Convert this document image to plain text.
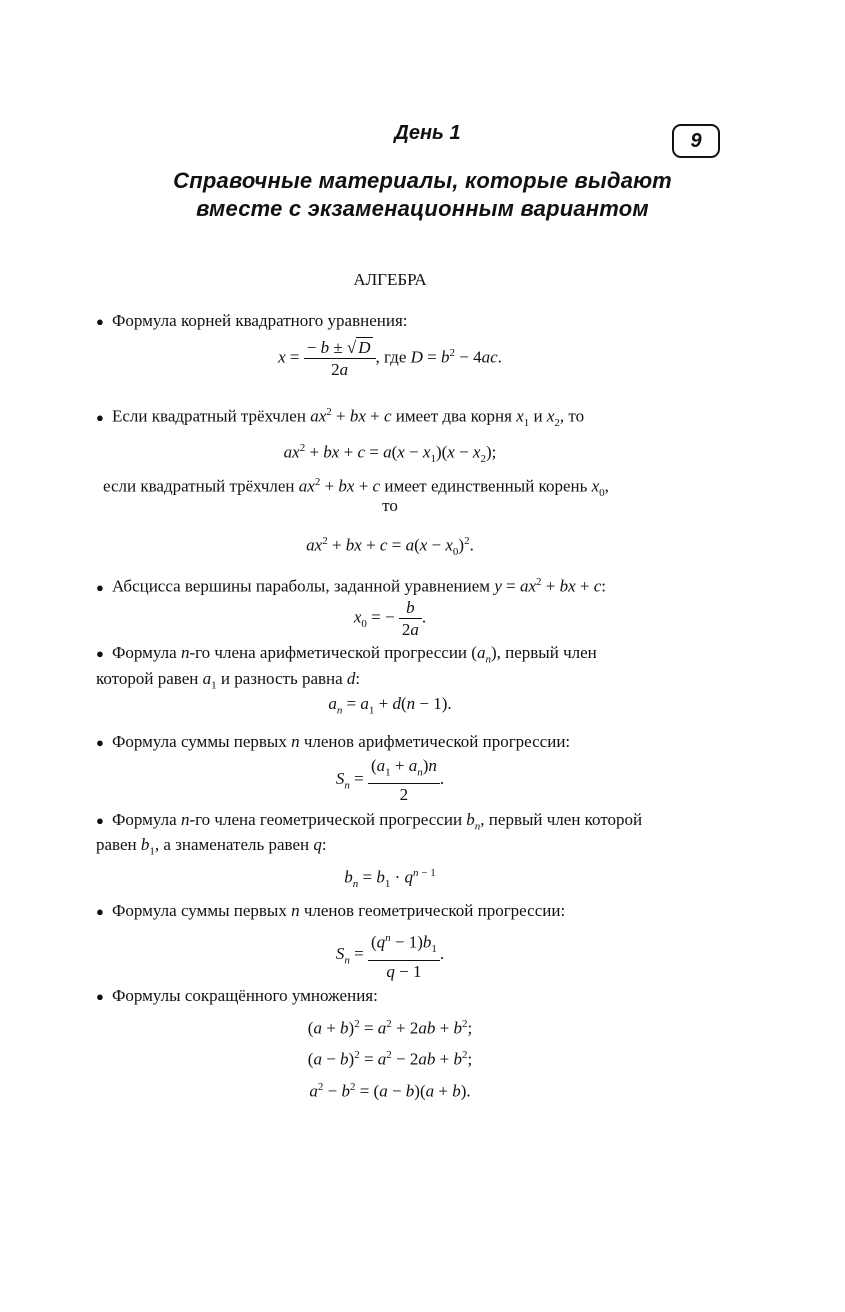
День 1	9
Справочные материалы, которые выдают
вместе с экзаменационным вариантом
АЛГЕБРА
● Формула корней квадратного уравнения:
$x = \frac{- b \pm √ D}{2a}$ , где $D = b^2 - 4ac$.
● Если квадратный трёхчлен $ax^2$ + bx + c имеет два корня $x_1$ и $x_2$, то
$ax^2$ + bx + $c = a(x - x_1)(x - x_2)$;
если квадратный трёхчлен $ax^2$ + bx + c имеет единственный корень $x_0$,
то
$ax^2$ + bx + $c = a(x - x_0)^2$.
● Абсцисса вершины параболы, заданной уравнением $y = ax^2$ + bx + c:
$x_0$ = − $\frac{b}{2a}$ .
● Формула n-го члена арифметической прогрессии $(a_n)$, первый член
которой равен $a_1$ и разность равна d:
$a_n = a_1 + d(n - 1)$.
● Формула суммы первых n членов арифметической прогрессии:
$S_n = \frac{(a_1 + a_n)n}{2}$ .
● Формула n-го члена геометрической прогрессии $b_n$, первый член которой
равен $b_1$, а знаменатель равен q:
$b_n = b_1 \cdot q^{n - 1}$
● Формула суммы первых n членов геометрической прогрессии:
$S_n = \frac{(q^n - 1)b_1}{q - 1}$ .
● Формулы сокращённого умножения:
$(a + b)^2 = a^2 + 2ab + b^2$;
$(a - b)^2 = a^2 - 2ab + b^2$;
$a^2 - b^2 = (a - b)(a + b)$.
